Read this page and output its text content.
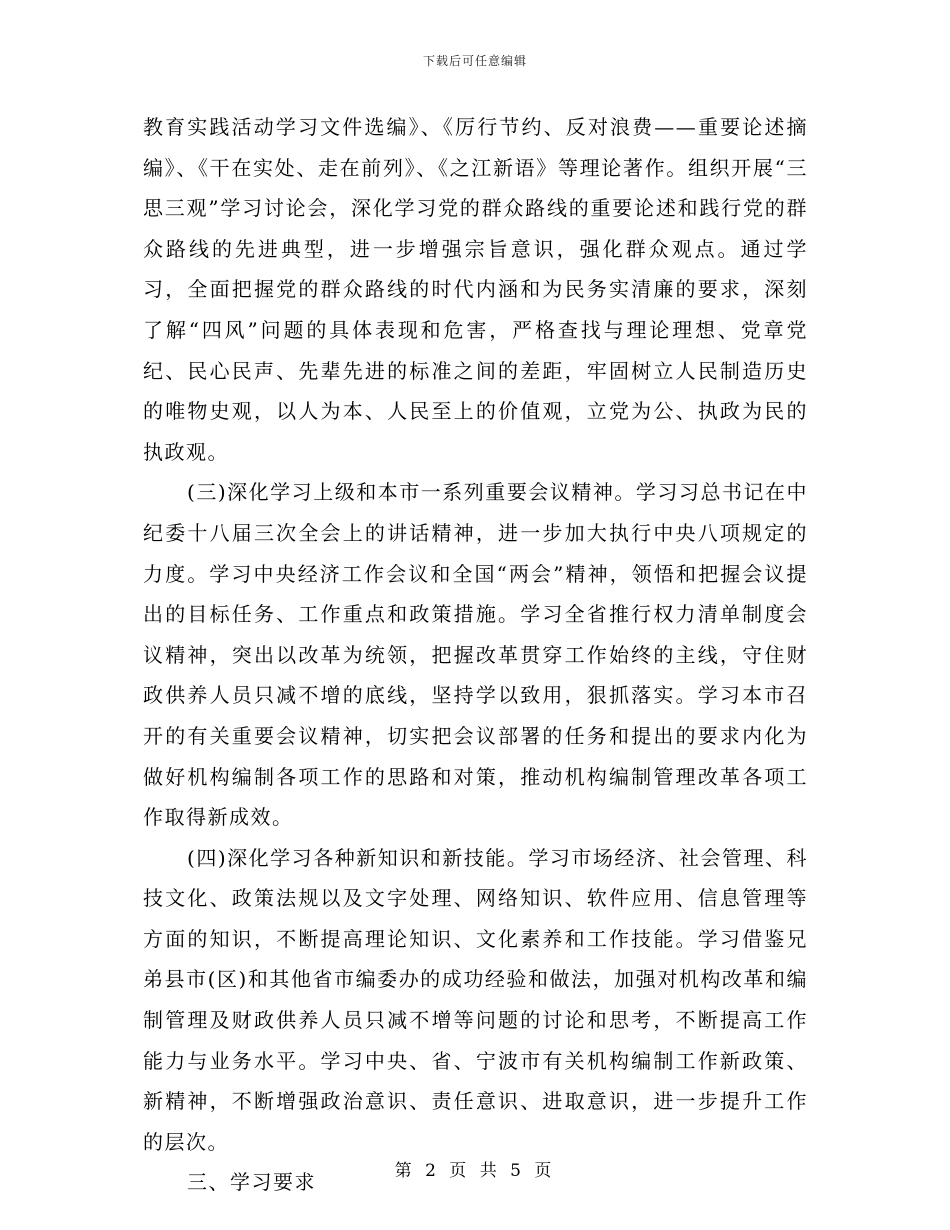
下载后可任意编辑

教育实践活动学习文件选编》、《厉行节约、反对浪费——重要论述摘编》、《干在实处、走在前列》、《之江新语》等理论著作。组织开展“三思三观”学习讨论会，深化学习党的群众路线的重要论述和践行党的群众路线的先进典型，进一步增强宗旨意识，强化群众观点。通过学习，全面把握党的群众路线的时代内涵和为民务实清廉的要求，深刻了解“四风”问题的具体表现和危害，严格查找与理论理想、党章党纪、民心民声、先辈先进的标准之间的差距，牢固树立人民制造历史的唯物史观，以人为本、人民至上的价值观，立党为公、执政为民的执政观。

(三)深化学习上级和本市一系列重要会议精神。学习习总书记在中纪委十八届三次全会上的讲话精神，进一步加大执行中央八项规定的力度。学习中央经济工作会议和全国“两会”精神，领悟和把握会议提出的目标任务、工作重点和政策措施。学习全省推行权力清单制度会议精神，突出以改革为统领，把握改革贯穿工作始终的主线，守住财政供养人员只减不增的底线，坚持学以致用，狠抓落实。学习本市召开的有关重要会议精神，切实把会议部署的任务和提出的要求内化为做好机构编制各项工作的思路和对策，推动机构编制管理改革各项工作取得新成效。

(四)深化学习各种新知识和新技能。学习市场经济、社会管理、科技文化、政策法规以及文字处理、网络知识、软件应用、信息管理等方面的知识，不断提高理论知识、文化素养和工作技能。学习借鉴兄弟县市(区)和其他省市编委办的成功经验和做法，加强对机构改革和编制管理及财政供养人员只减不增等问题的讨论和思考，不断提高工作能力与业务水平。学习中央、省、宁波市有关机构编制工作新政策、新精神，不断增强政治意识、责任意识、进取意识，进一步提升工作的层次。

三、学习要求	第 2 页 共 5 页
